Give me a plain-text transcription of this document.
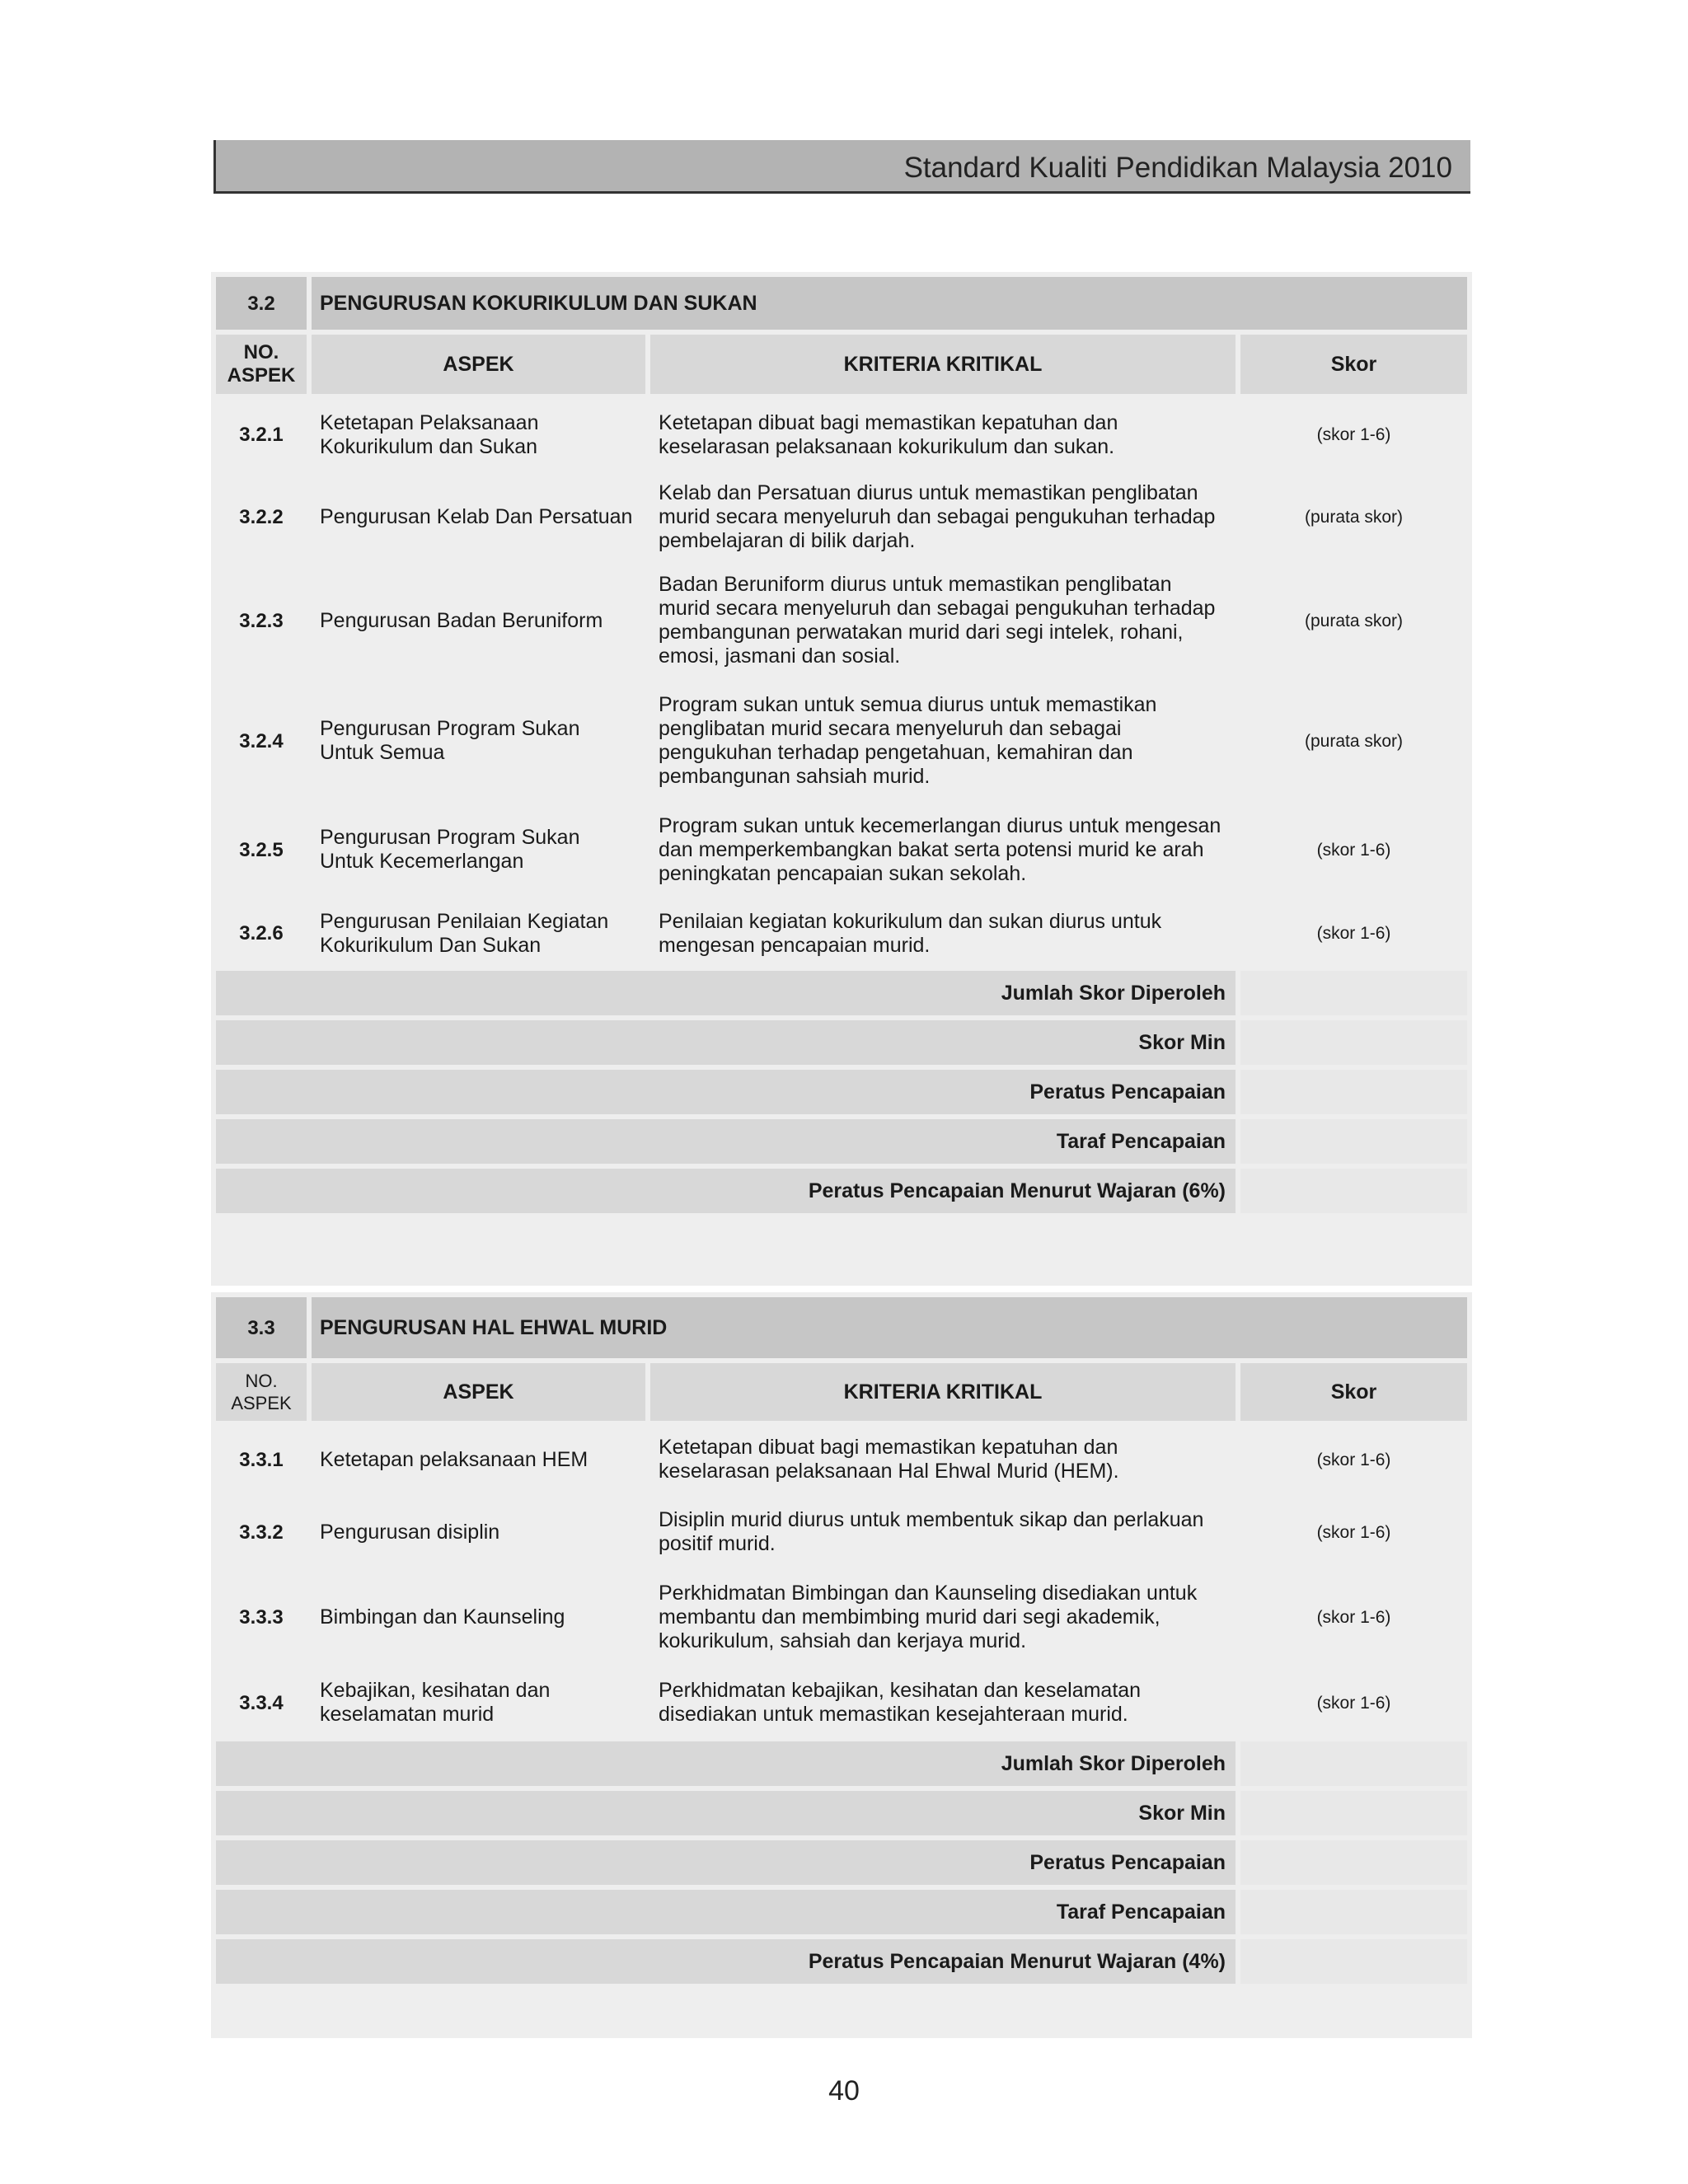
Standard Kualiti Pendidikan Malaysia 2010
3.2	PENGURUSAN KOKURIKULUM DAN SUKAN		
NO. ASPEK	ASPEK	KRITERIA KRITIKAL	Skor
3.2.1	Ketetapan Pelaksanaan Kokurikulum dan Sukan	Ketetapan dibuat bagi memastikan kepatuhan dan keselarasan pelaksanaan kokurikulum dan sukan.	(skor 1-6)
3.2.2	Pengurusan Kelab Dan Persatuan	Kelab dan Persatuan diurus untuk memastikan penglibatan murid secara menyeluruh dan sebagai pengukuhan terhadap pembelajaran di bilik darjah.	(purata skor)
3.2.3	Pengurusan Badan Beruniform	Badan Beruniform diurus untuk memastikan penglibatan murid secara menyeluruh dan sebagai pengukuhan terhadap pembangunan perwatakan murid dari segi intelek, rohani, emosi, jasmani dan sosial.	(purata skor)
3.2.4	Pengurusan Program Sukan Untuk Semua	Program sukan untuk semua diurus untuk memastikan penglibatan murid secara menyeluruh dan sebagai pengukuhan terhadap pengetahuan, kemahiran dan pembangunan sahsiah murid.	(purata skor)
3.2.5	Pengurusan Program Sukan Untuk Kecemerlangan	Program sukan untuk kecemerlangan diurus untuk mengesan dan memperkembangkan bakat serta potensi murid ke arah peningkatan pencapaian sukan sekolah.	(skor 1-6)
3.2.6	Pengurusan Penilaian Kegiatan Kokurikulum Dan Sukan	Penilaian kegiatan kokurikulum dan sukan diurus untuk mengesan pencapaian murid.	(skor 1-6)
Jumlah Skor Diperoleh			
Skor Min			
Peratus Pencapaian			
Taraf Pencapaian			
Peratus Pencapaian Menurut Wajaran (6%)			
3.3	PENGURUSAN HAL EHWAL MURID		
NO. ASPEK	ASPEK	KRITERIA KRITIKAL	Skor
3.3.1	Ketetapan pelaksanaan HEM	Ketetapan dibuat bagi memastikan kepatuhan dan keselarasan pelaksanaan Hal Ehwal Murid (HEM).	(skor 1-6)
3.3.2	Pengurusan disiplin	Disiplin murid diurus untuk membentuk sikap dan perlakuan positif murid.	(skor 1-6)
3.3.3	Bimbingan dan Kaunseling	Perkhidmatan Bimbingan dan Kaunseling disediakan untuk membantu dan membimbing murid dari segi akademik, kokurikulum, sahsiah dan kerjaya murid.	(skor 1-6)
3.3.4	Kebajikan, kesihatan dan keselamatan murid	Perkhidmatan kebajikan, kesihatan dan keselamatan disediakan untuk memastikan kesejahteraan murid.	(skor 1-6)
Jumlah Skor Diperoleh			
Skor Min			
Peratus Pencapaian			
Taraf Pencapaian			
Peratus Pencapaian Menurut Wajaran (4%)			
40
